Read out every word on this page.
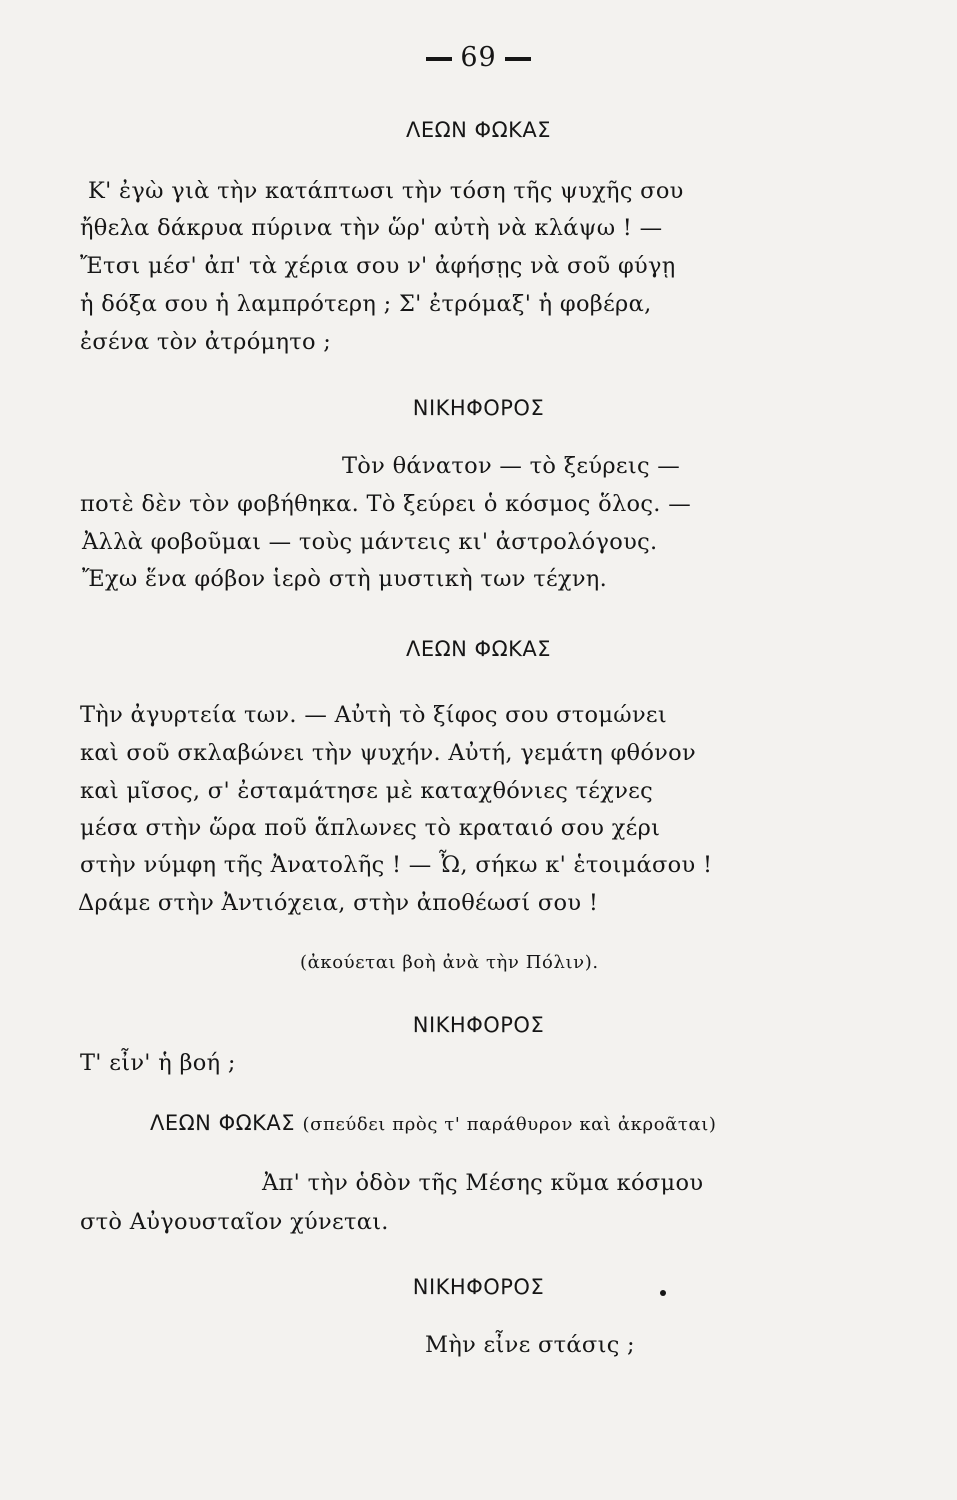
69
ΛΕΩΝ ΦΩΚΑΣ
Κ' ἐγὼ γιὰ τὴν κατάπτωσι τὴν τόση τῆς ψυχῆς σου
ἤθελα δάκρυα πύρινα τὴν ὥρ' αὐτὴ νὰ κλάψω ! —
Ἔτσι μέσ' ἀπ' τὰ χέρια σου ν' ἀφήσῃς νὰ σοῦ φύγῃ
ἡ δόξα σου ἡ λαμπρότερη ; Σ' ἐτρόμαξ' ἡ φοβέρα,
ἐσένα τὸν ἀτρόμητο ;
ΝΙΚΗΦΟΡΟΣ
Τὸν θάνατον — τὸ ξεύρεις —
ποτὲ δὲν τὸν φοβήθηκα. Τὸ ξεύρει ὁ κόσμος ὅλος. —
Ἀλλὰ φοβοῦμαι — τοὺς μάντεις κι' ἀστρολόγους.
Ἔχω ἕνα φόβον ἱερὸ στὴ μυστικὴ των τέχνη.
ΛΕΩΝ ΦΩΚΑΣ
Τὴν ἀγυρτεία των. — Αὐτὴ τὸ ξίφος σου στομώνει
καὶ σοῦ σκλαβώνει τὴν ψυχήν. Αὐτή, γεμάτη φθόνον
καὶ μῖσος, σ' ἐσταμάτησε μὲ καταχθόνιες τέχνες
μέσα στὴν ὥρα ποῦ ἅπλωνες τὸ κραταιό σου χέρι
στὴν νύμφη τῆς Ἀνατολῆς ! — Ὦ, σήκω κ' ἑτοιμάσου !
Δράμε στὴν Ἀντιόχεια, στὴν ἀποθέωσί σου !
(ἀκούεται βοὴ ἀνὰ τὴν Πόλιν).
ΝΙΚΗΦΟΡΟΣ
Τ' εἶν' ἡ βοή ;
ΛΕΩΝ ΦΩΚΑΣ (σπεύδει πρὸς τ' παράθυρον καὶ ἀκροᾶται)
Ἀπ' τὴν ὁδὸν τῆς Μέσης κῦμα κόσμου
στὸ Αὐγουσταῖον χύνεται.
ΝΙΚΗΦΟΡΟΣ
Μὴν εἶνε στάσις ;
